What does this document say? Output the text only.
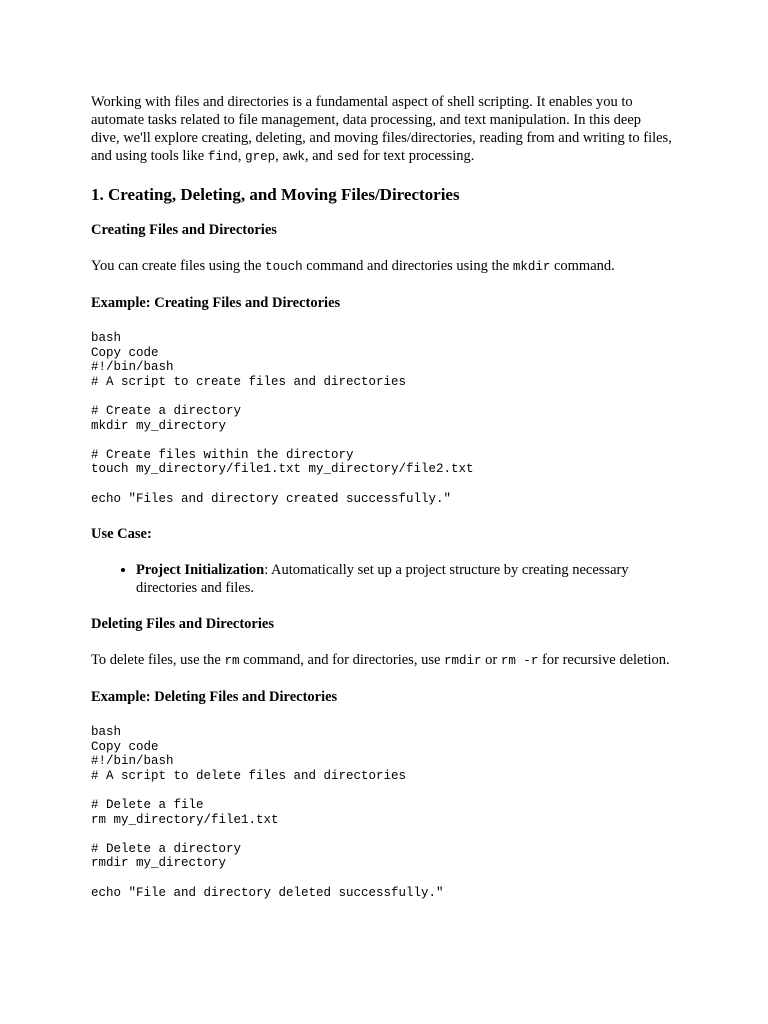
Working with files and directories is a fundamental aspect of shell scripting. It enables you to automate tasks related to file management, data processing, and text manipulation. In this deep dive, we'll explore creating, deleting, and moving files/directories, reading from and writing to files, and using tools like find, grep, awk, and sed for text processing.

1. Creating, Deleting, and Moving Files/Directories
Creating Files and Directories

You can create files using the touch command and directories using the mkdir command.

Example: Creating Files and Directories
bash
Copy code
#!/bin/bash
# A script to create files and directories
# Create a directory
mkdir my_directory
# Create files within the directory
touch my_directory/file1.txt my_directory/file2.txt
echo "Files and directory created successfully."
Use Case:
• Project Initialization: Automatically set up a project structure by creating necessary directories and files.
Deleting Files and Directories

To delete files, use the rm command, and for directories, use rmdir or rm -r for recursive deletion.

Example: Deleting Files and Directories
bash
Copy code
#!/bin/bash
# A script to delete files and directories
# Delete a file
rm my_directory/file1.txt
# Delete a directory
rmdir my_directory
echo "File and directory deleted successfully."
